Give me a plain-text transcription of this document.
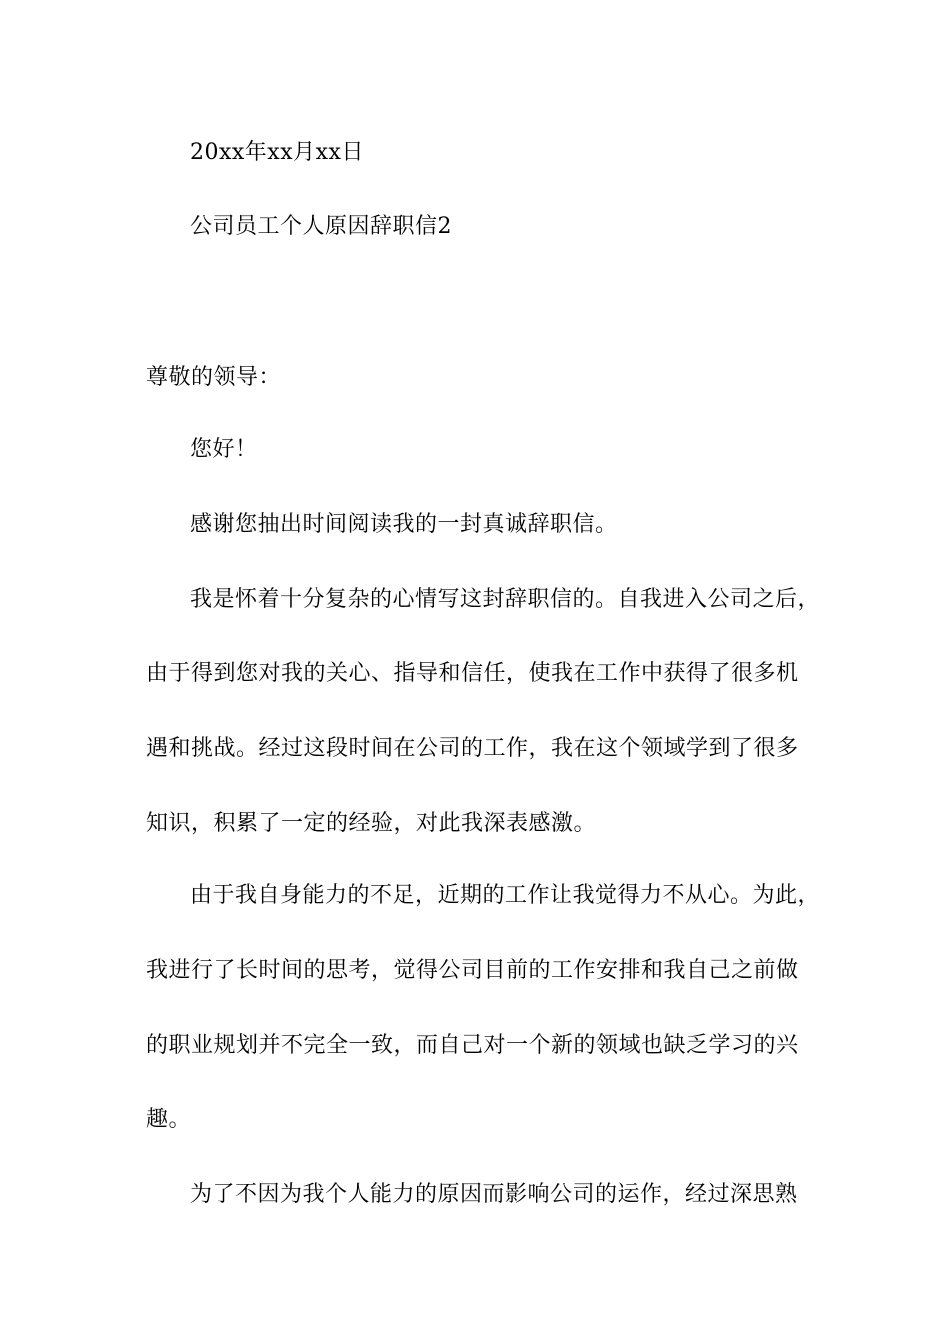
20xx年xx月xx日
公司员工个人原因辞职信2
尊敬的领导：
您好！
感谢您抽出时间阅读我的一封真诚辞职信。
我是怀着十分复杂的心情写这封辞职信的。自我进入公司之后，
由于得到您对我的关心、指导和信任，使我在工作中获得了很多机
遇和挑战。经过这段时间在公司的工作，我在这个领域学到了很多
知识，积累了一定的经验，对此我深表感激。
由于我自身能力的不足，近期的工作让我觉得力不从心。为此，
我进行了长时间的思考，觉得公司目前的工作安排和我自己之前做
的职业规划并不完全一致，而自己对一个新的领域也缺乏学习的兴
趣。
为了不因为我个人能力的原因而影响公司的运作，经过深思熟
